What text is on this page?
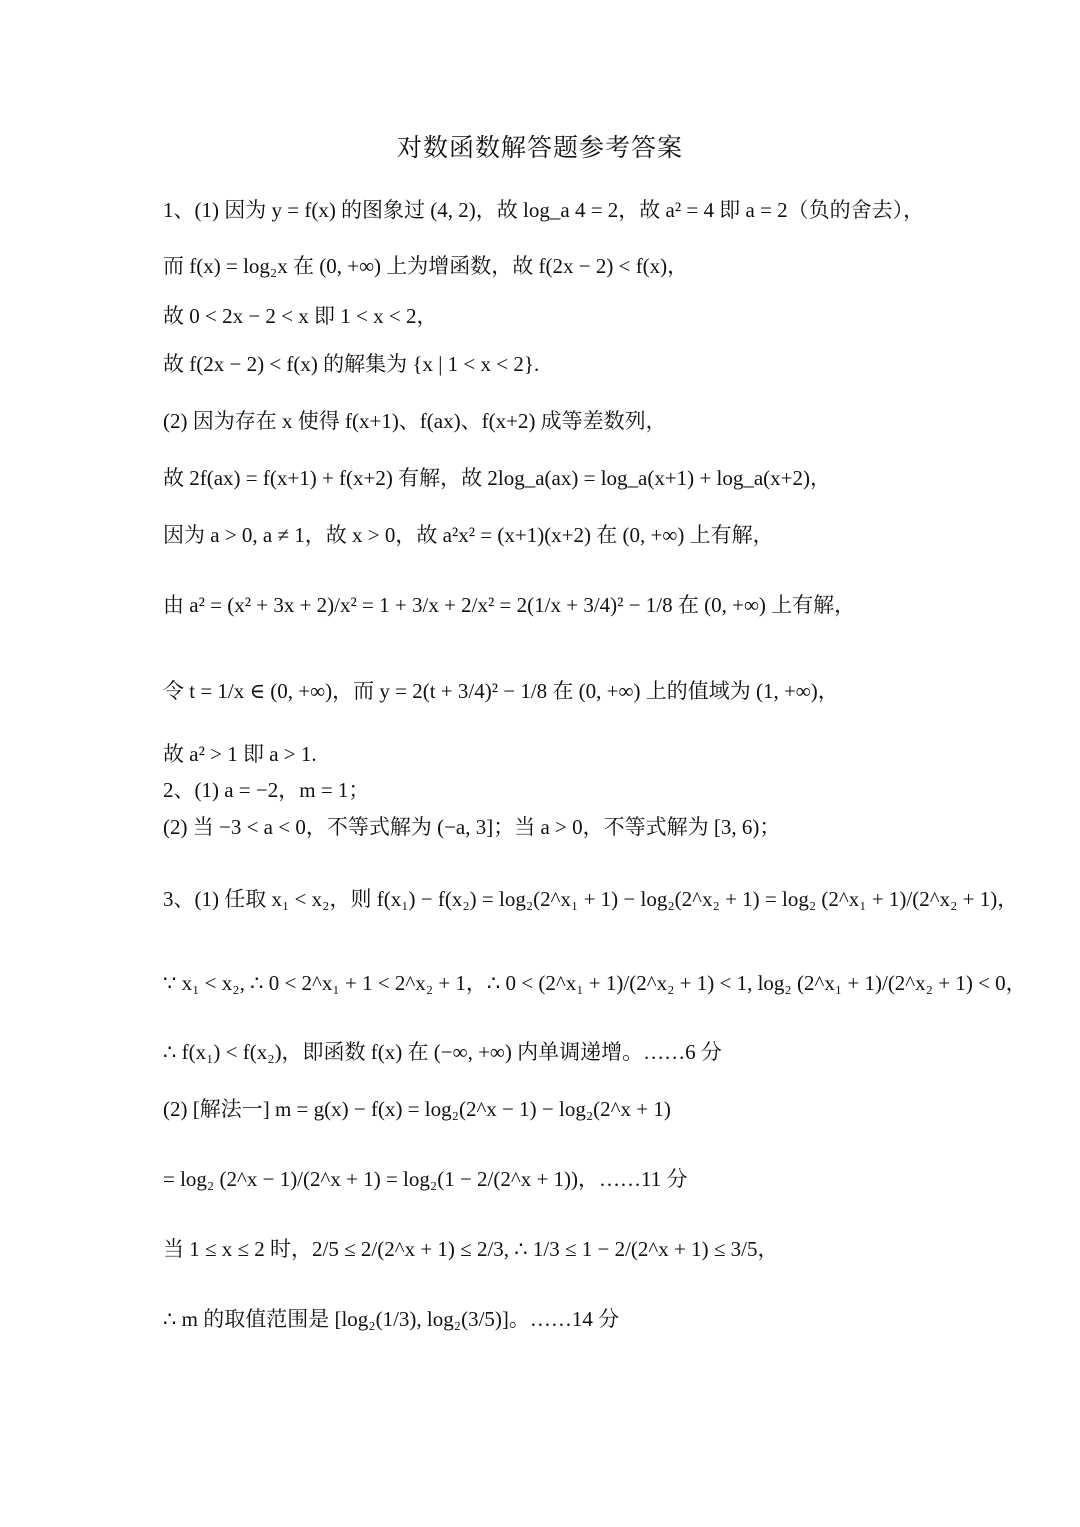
对数函数解答题参考答案
1、(1) 因为 y = f(x) 的图象过 (4, 2)，故 log_a 4 = 2，故 a² = 4 即 a = 2（负的舍去），
而 f(x) = log₂x 在 (0, +∞) 上为增函数，故 f(2x − 2) < f(x)，
故 0 < 2x − 2 < x 即 1 < x < 2，
故 f(2x − 2) < f(x) 的解集为 {x | 1 < x < 2}.
(2) 因为存在 x 使得 f(x+1)、f(ax)、f(x+2) 成等差数列，
故 2f(ax) = f(x+1) + f(x+2) 有解，故 2log_a(ax) = log_a(x+1) + log_a(x+2)，
因为 a > 0, a ≠ 1，故 x > 0，故 a²x² = (x+1)(x+2) 在 (0, +∞) 上有解，
由 a² = (x² + 3x + 2)/x² = 1 + 3/x + 2/x² = 2(1/x + 3/4)² − 1/8 在 (0, +∞) 上有解，
令 t = 1/x ∈ (0, +∞)，而 y = 2(t + 3/4)² − 1/8 在 (0, +∞) 上的值域为 (1, +∞)，
故 a² > 1 即 a > 1.
2、(1) a = −2，m = 1；
(2) 当 −3 < a < 0，不等式解为 (−a, 3]；当 a > 0，不等式解为 [3, 6)；
3、(1) 任取 x₁ < x₂，则 f(x₁) − f(x₂) = log₂(2^x₁ + 1) − log₂(2^x₂ + 1) = log₂ (2^x₁ + 1)/(2^x₂ + 1)，
∵ x₁ < x₂, ∴ 0 < 2^x₁ + 1 < 2^x₂ + 1，∴ 0 < (2^x₁ + 1)/(2^x₂ + 1) < 1, log₂ (2^x₁ + 1)/(2^x₂ + 1) < 0，
∴ f(x₁) < f(x₂)，即函数 f(x) 在 (−∞, +∞) 内单调递增。……6 分
(2) [解法一] m = g(x) − f(x) = log₂(2^x − 1) − log₂(2^x + 1)
= log₂ (2^x − 1)/(2^x + 1) = log₂(1 − 2/(2^x + 1))，……11 分
当 1 ≤ x ≤ 2 时，2/5 ≤ 2/(2^x + 1) ≤ 2/3, ∴ 1/3 ≤ 1 − 2/(2^x + 1) ≤ 3/5，
∴ m 的取值范围是 [log₂(1/3), log₂(3/5)]。……14 分
